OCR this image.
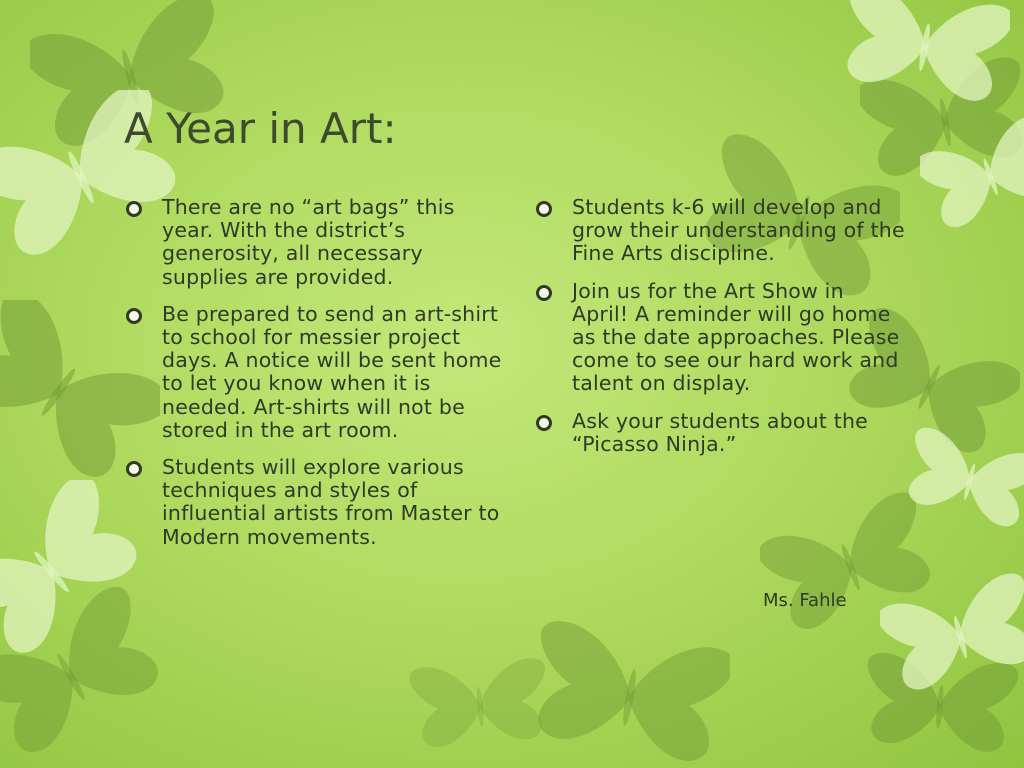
A Year in Art:
There are no “art bags” this year. With the district’s generosity, all necessary supplies are provided.
Be prepared to send an art-shirt to school for messier project days. A notice will be sent home to let you know when it is needed. Art-shirts will not be stored in the art room.
Students will explore various techniques and styles of influential artists from Master to Modern movements.
Students k-6 will develop and grow their understanding of the Fine Arts discipline.
Join us for the Art Show in April! A reminder will go home as the date approaches. Please come to see our hard work and talent on display.
Ask your students about the “Picasso Ninja.”
Ms. Fahle
